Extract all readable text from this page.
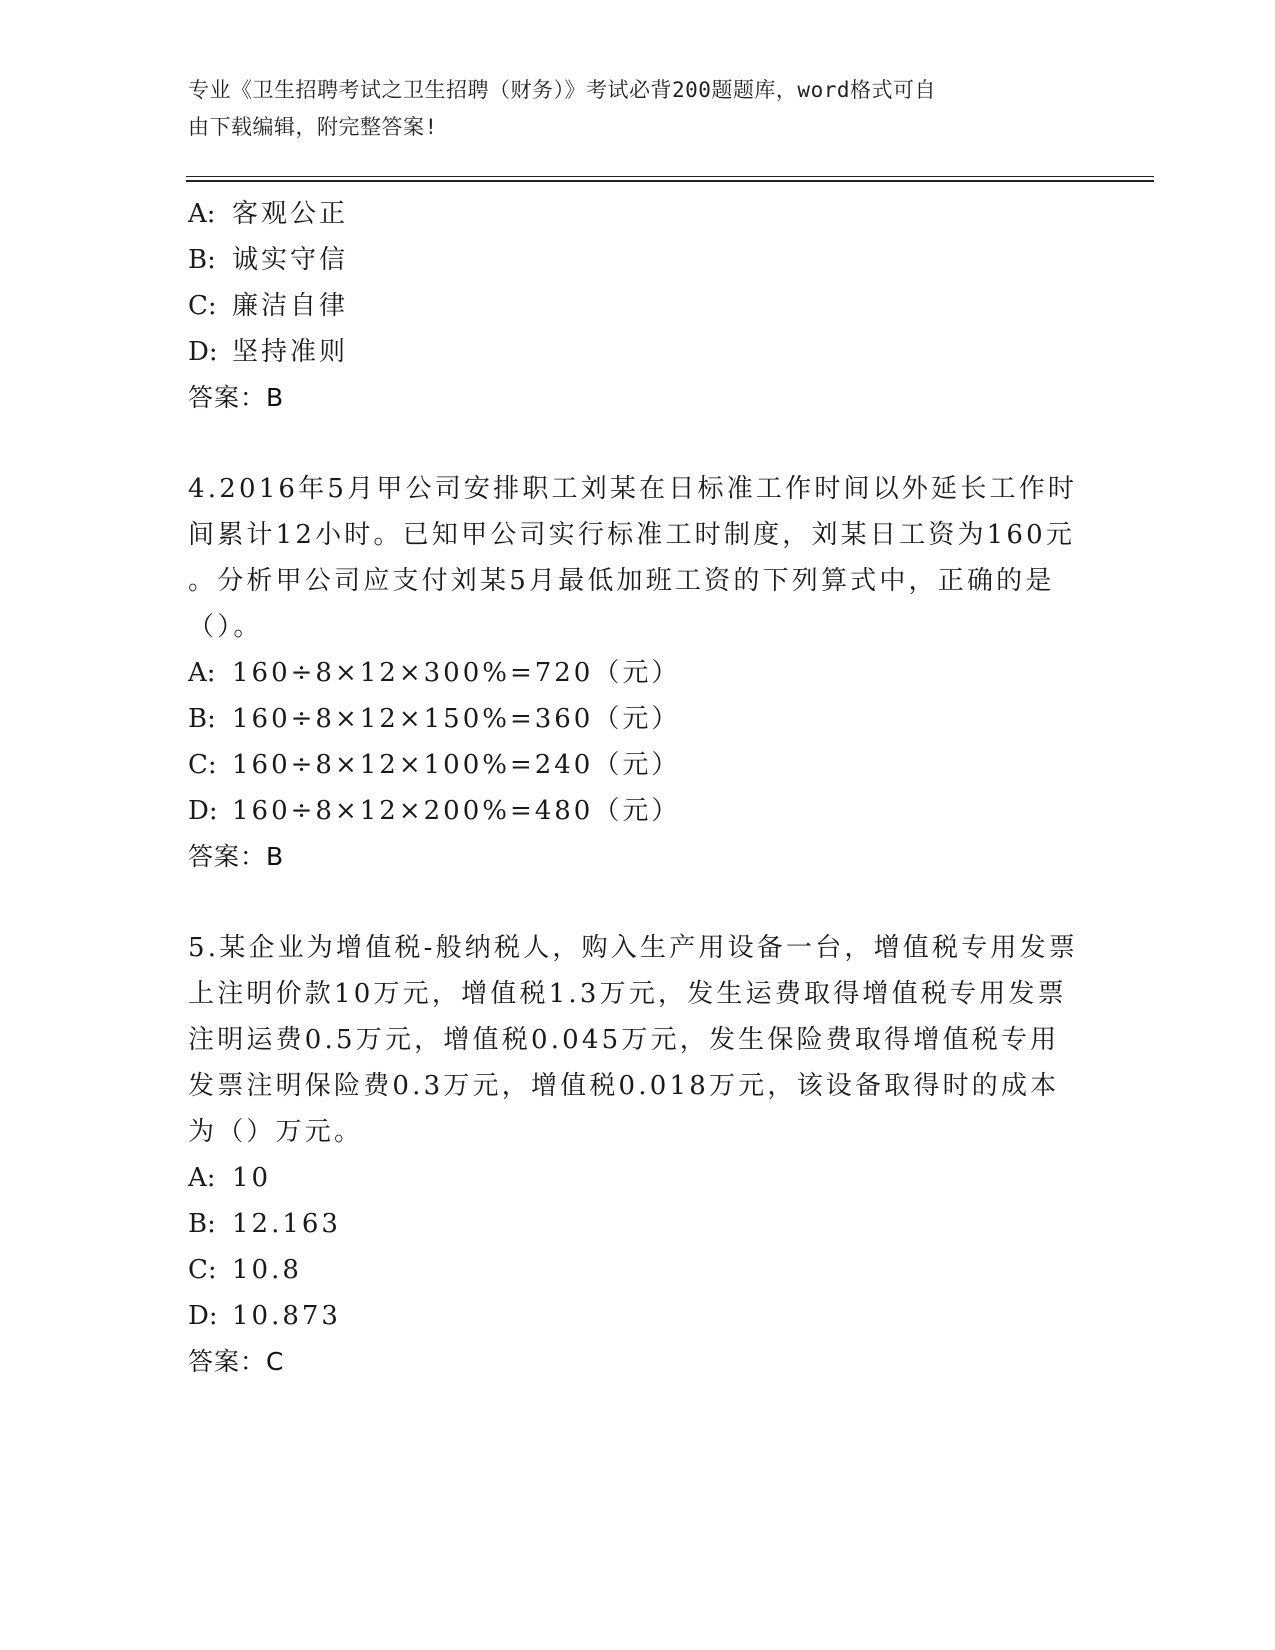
专业《卫生招聘考试之卫生招聘（财务）》考试必背200题题库，word格式可自
由下载编辑，附完整答案!
A: 客观公正
B: 诚实守信
C: 廉洁自律
D: 坚持准则
答案：B
4.2016年5月甲公司安排职工刘某在日标准工作时间以外延长工作时
间累计12小时。已知甲公司实行标准工时制度，刘某日工资为160元
。分析甲公司应支付刘某5月最低加班工资的下列算式中，正确的是
（）。
A: 160÷8×12×300%=720（元）
B: 160÷8×12×150%=360（元）
C: 160÷8×12×100%=240（元）
D: 160÷8×12×200%=480（元）
答案：B
5.某企业为增值税-般纳税人，购入生产用设备一台，增值税专用发票
上注明价款10万元，增值税1.3万元，发生运费取得增值税专用发票
注明运费0.5万元，增值税0.045万元，发生保险费取得增值税专用
发票注明保险费0.3万元，增值税0.018万元，该设备取得时的成本
为（）万元。
A: 10
B: 12.163
C: 10.8
D: 10.873
答案：C
